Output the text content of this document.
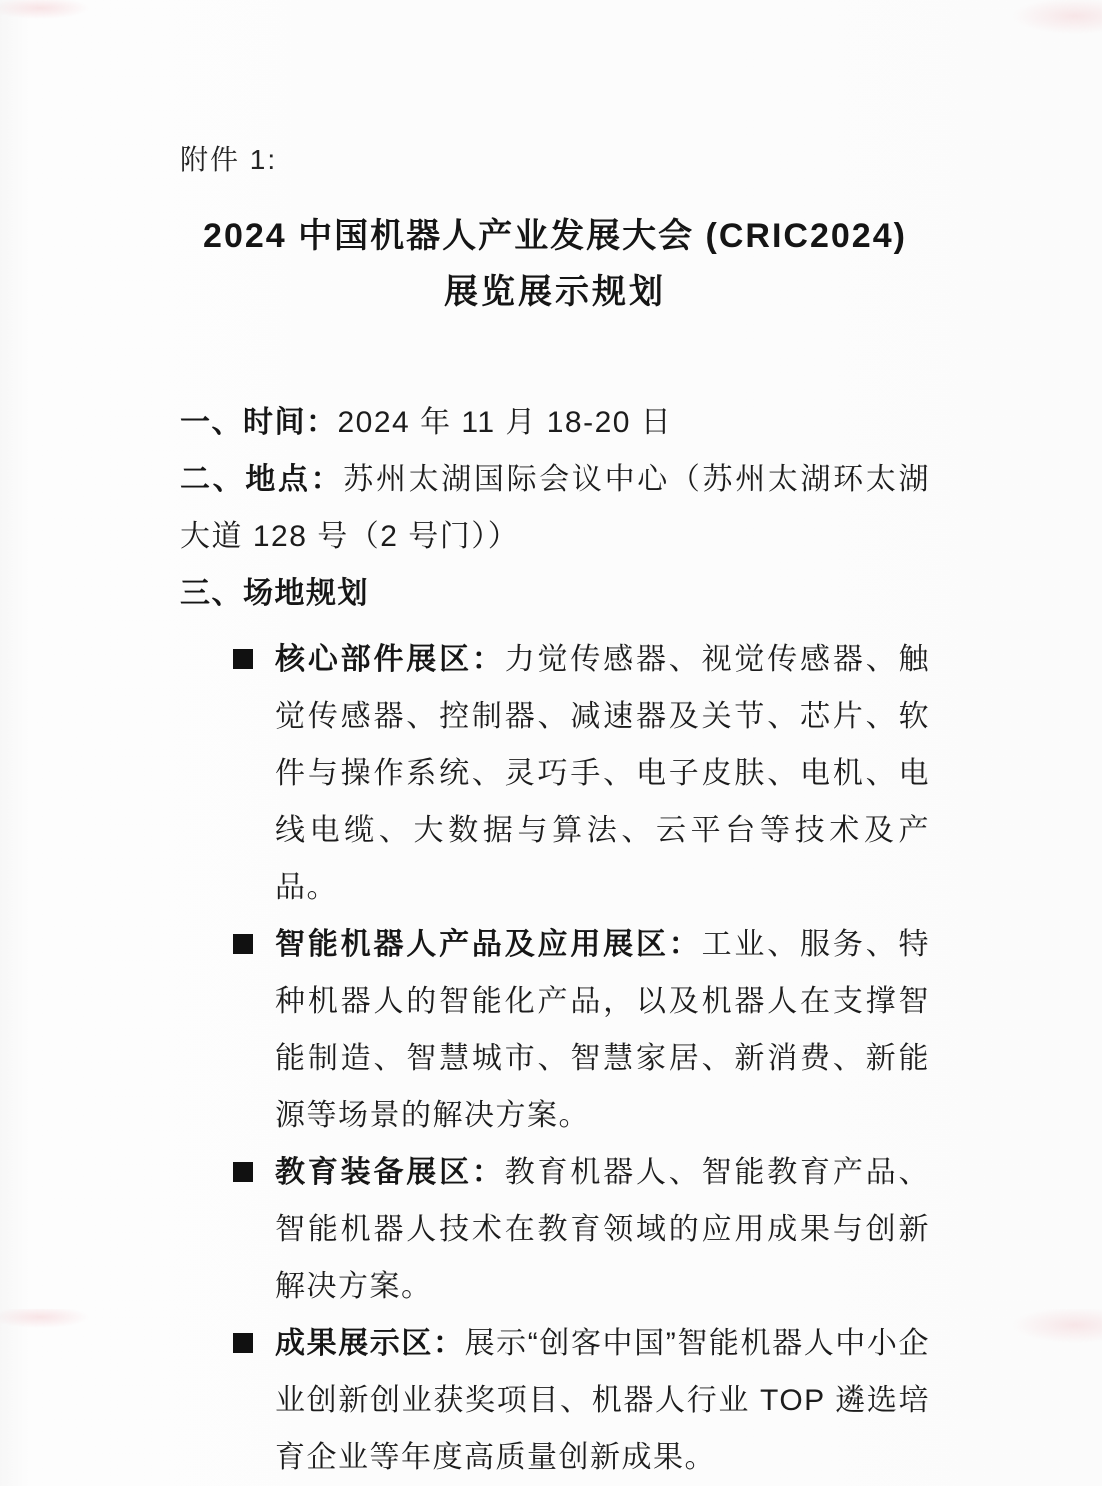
附件 1:
2024 中国机器人产业发展大会 (CRIC2024)
展览展示规划

一、时间：2024 年 11 月 18-20 日

二、地点：苏州太湖国际会议中心（苏州太湖环太湖大道 128 号（2 号门））

三、场地规划

核心部件展区：力觉传感器、视觉传感器、触觉传感器、控制器、减速器及关节、芯片、软件与操作系统、灵巧手、电子皮肤、电机、电线电缆、大数据与算法、云平台等技术及产品。

智能机器人产品及应用展区：工业、服务、特种机器人的智能化产品，以及机器人在支撑智能制造、智慧城市、智慧家居、新消费、新能源等场景的解决方案。

教育装备展区：教育机器人、智能教育产品、智能机器人技术在教育领域的应用成果与创新解决方案。

成果展示区：展示“创客中国”智能机器人中小企业创新创业获奖项目、机器人行业 TOP 遴选培育企业等年度高质量创新成果。
